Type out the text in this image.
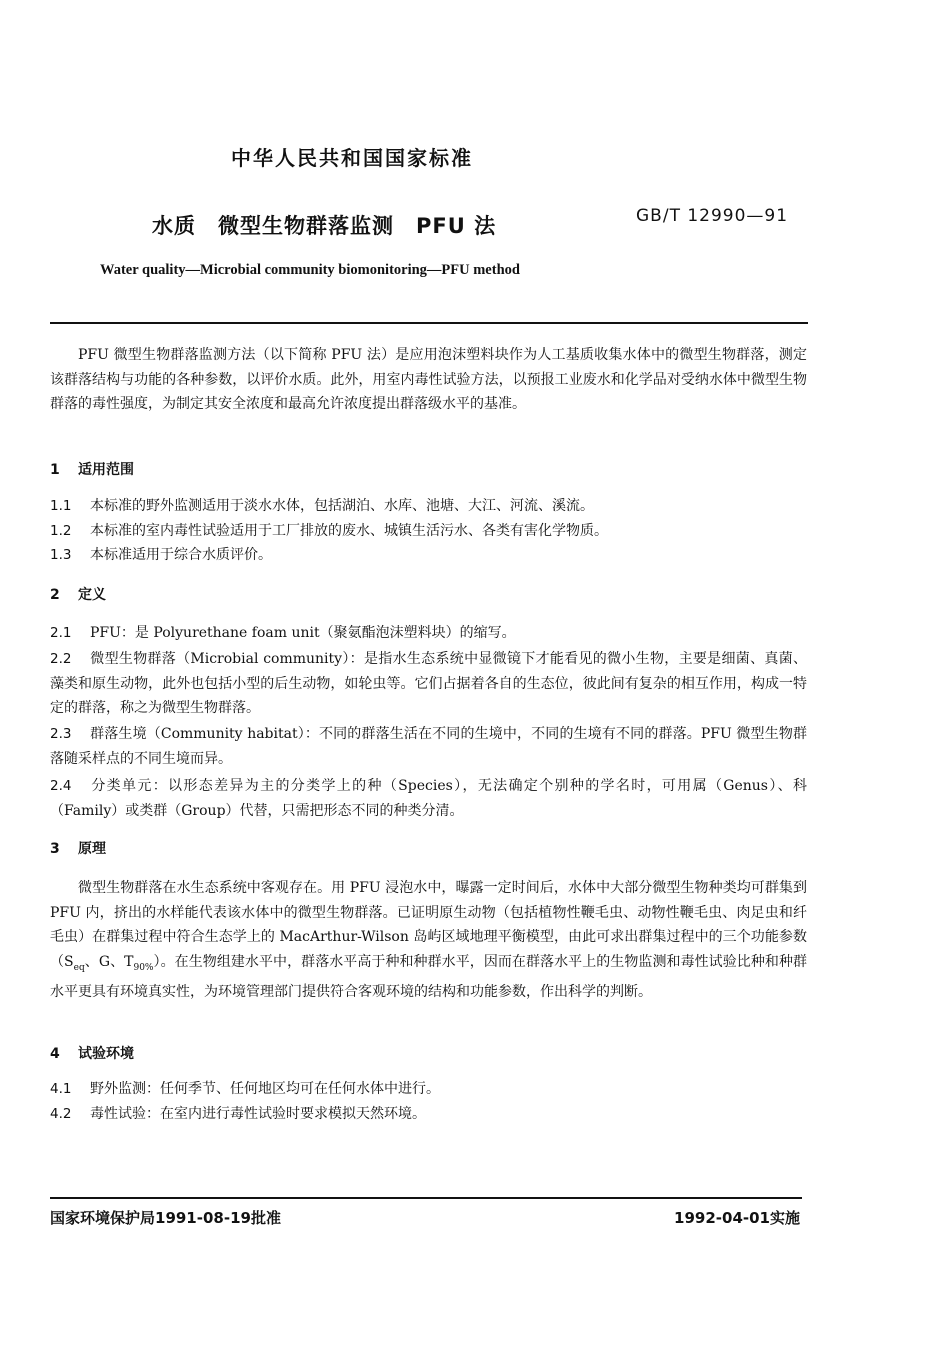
中华人民共和国国家标准
水质　微型生物群落监测　PFU 法	GB/T 12990—91
Water quality—Microbial community biomonitoring—PFU method
PFU 微型生物群落监测方法（以下简称 PFU 法）是应用泡沫塑料块作为人工基质收集水体中的微型生物群落，测定该群落结构与功能的各种参数，以评价水质。此外，用室内毒性试验方法，以预报工业废水和化学品对受纳水体中微型生物群落的毒性强度，为制定其安全浓度和最高允许浓度提出群落级水平的基准。
1 适用范围
1.1 本标准的野外监测适用于淡水水体，包括湖泊、水库、池塘、大江、河流、溪流。
1.2 本标准的室内毒性试验适用于工厂排放的废水、城镇生活污水、各类有害化学物质。
1.3 本标准适用于综合水质评价。
2 定义
2.1 PFU：是 Polyurethane foam unit（聚氨酯泡沫塑料块）的缩写。
2.2 微型生物群落（Microbial community）：是指水生态系统中显微镜下才能看见的微小生物，主要是细菌、真菌、藻类和原生动物，此外也包括小型的后生动物，如轮虫等。它们占据着各自的生态位，彼此间有复杂的相互作用，构成一特定的群落，称之为微型生物群落。
2.3 群落生境（Community habitat）：不同的群落生活在不同的生境中，不同的生境有不同的群落。PFU 微型生物群落随采样点的不同生境而异。
2.4 分类单元：以形态差异为主的分类学上的种（Species），无法确定个别种的学名时，可用属（Genus）、科（Family）或类群（Group）代替，只需把形态不同的种类分清。
3 原理
微型生物群落在水生态系统中客观存在。用 PFU 浸泡水中，曝露一定时间后，水体中大部分微型生物种类均可群集到 PFU 内，挤出的水样能代表该水体中的微型生物群落。已证明原生动物（包括植物性鞭毛虫、动物性鞭毛虫、肉足虫和纤毛虫）在群集过程中符合生态学上的 MacArthur-Wilson 岛屿区域地理平衡模型，由此可求出群集过程中的三个功能参数（$S_{eq}$、G、$T_{90\%}$）。在生物组建水平中，群落水平高于种和种群水平，因而在群落水平上的生物监测和毒性试验比种和种群水平更具有环境真实性，为环境管理部门提供符合客观环境的结构和功能参数，作出科学的判断。
4 试验环境
4.1 野外监测：任何季节、任何地区均可在任何水体中进行。
4.2 毒性试验：在室内进行毒性试验时要求模拟天然环境。
国家环境保护局1991-08-19批准	1992-04-01实施
